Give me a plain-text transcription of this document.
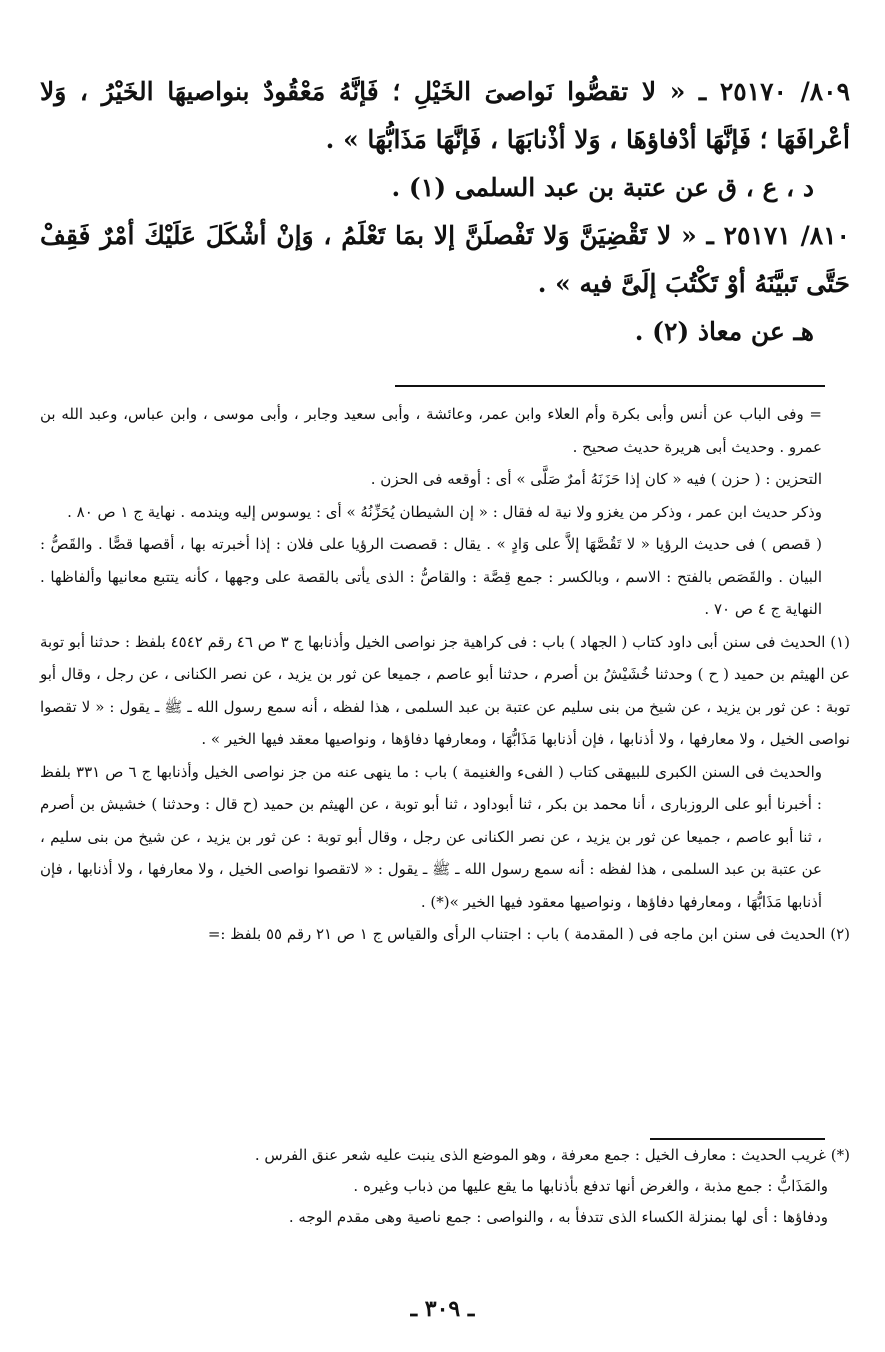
٨٠٩/ ٢٥١٧٠ ـ « لا تقصُّوا نَواصىَ الخَيْلِ ؛ فَإنَّهُ مَعْقُودٌ بنواصيهَا الخَيْرُ ، وَلا أعْرافَهَا ؛ فَإنَّهَا أدْفاؤهَا ، وَلا أذْنابَهَا ، فَإنَّهَا مَذَابُّهَا » .

د ، ع ، ق عن عتبة بن عبد السلمى (١) .

٨١٠/ ٢٥١٧١ ـ « لا تَقْضِيَنَّ وَلا تَفْصلَنَّ إلا بمَا تَعْلَمُ ، وَإنْ أشْكَلَ عَلَيْكَ أمْرٌ فَقِفْ حَتَّى تَبيَّنَهُ أوْ تَكْتُبَ إلَىَّ فيه » .

هـ عن معاذ (٢) .

= وفى الباب عن أنس وأبى بكرة وأم العلاء وابن عمر، وعائشة ، وأبى سعيد وجابر ، وأبى موسى ، وابن عباس، وعبد الله بن عمرو . وحديث أبى هريرة حديث صحيح .

التحزين : ( حزن ) فيه « كان إذا حَزَنَهُ أمرٌ صَلَّى » أى : أوقعه فى الحزن .

وذكر حديث ابن عمر ، وذكر من يغزو ولا نية له فقال : « إن الشيطان يُحَزِّنُهُ » أى : يوسوس إليه ويندمه . نهاية ج ١ ص ٨٠ .

( قصص ) فى حديث الرؤيا « لا تَقُصَّهَا إلاَّ على وَادٍ » . يقال : قصصت الرؤيا على فلان : إذا أخبرته بها ، أقصها قصًّا . والقَصُّ : البيان . والقَصَص بالفتح : الاسم ، وبالكسر : جمع قِصَّة : والقاصُّ : الذى يأتى بالقصة على وجهها ، كأنه يتتبع معانيها وألفاظها . النهاية ج ٤ ص ٧٠ .

(١) الحديث فى سنن أبى داود كتاب ( الجهاد ) باب : فى كراهية جز نواصى الخيل وأذنابها ج ٣ ص ٤٦ رقم ٤٥٤٢ بلفظ : حدثنا أبو توبة عن الهيثم بن حميد ( ح ) وحدثنا خُشَيْشُ بن أصرم ، حدثنا أبو عاصم ، جميعا عن ثور بن يزيد ، عن نصر الكنانى ، عن رجل ، وقال أبو توبة : عن ثور بن يزيد ، عن شيخ من بنى سليم عن عتبة بن عبد السلمى ، هذا لفظه ، أنه سمع رسول الله ـ ﷺ ـ يقول : « لا تقصوا نواصى الخيل ، ولا معارفها ، ولا أذنابها ، فإن أذنابها مَذَابُّهَا ، ومعارفها دفاؤها ، ونواصيها معقد فيها الخير » .

والحديث فى السنن الكبرى للبيهقى كتاب ( الفىء والغنيمة ) باب : ما ينهى عنه من جز نواصى الخيل وأذنابها ج ٦ ص ٣٣١ بلفظ : أخبرنا أبو على الروزبارى ، أنا محمد بن بكر ، ثنا أبوداود ، ثنا أبو توبة ، عن الهيثم بن حميد (ح قال : وحدثنا ) خشيش بن أصرم ، ثنا أبو عاصم ، جميعا عن ثور بن يزيد ، عن نصر الكنانى عن رجل ، وقال أبو توبة : عن ثور بن يزيد ، عن شيخ من بنى سليم ، عن عتبة بن عبد السلمى ، هذا لفظه : أنه سمع رسول الله ـ ﷺ ـ يقول : « لاتقصوا نواصى الخيل ، ولا معارفها ، ولا أذنابها ، فإن أذنابها مَذَابُّهَا ، ومعارفها دفاؤها ، ونواصيها معقود فيها الخير »(*) .

(٢) الحديث فى سنن ابن ماجه فى ( المقدمة ) باب : اجتناب الرأى والقياس ج ١ ص ٢١ رقم ٥٥ بلفظ :=

(*) غريب الحديث : معارف الخيل : جمع معرفة ، وهو الموضع الذى ينبت عليه شعر عنق الفرس .

والمَذَابُّ : جمع مذبة ، والغرض أنها تدفع بأذنابها ما يقع عليها من ذباب وغيره .

ودفاؤها : أى لها بمنزلة الكساء الذى تتدفأ به ، والنواصى : جمع ناصية وهى مقدم الوجه .

ـ ٣٠٩ ـ
